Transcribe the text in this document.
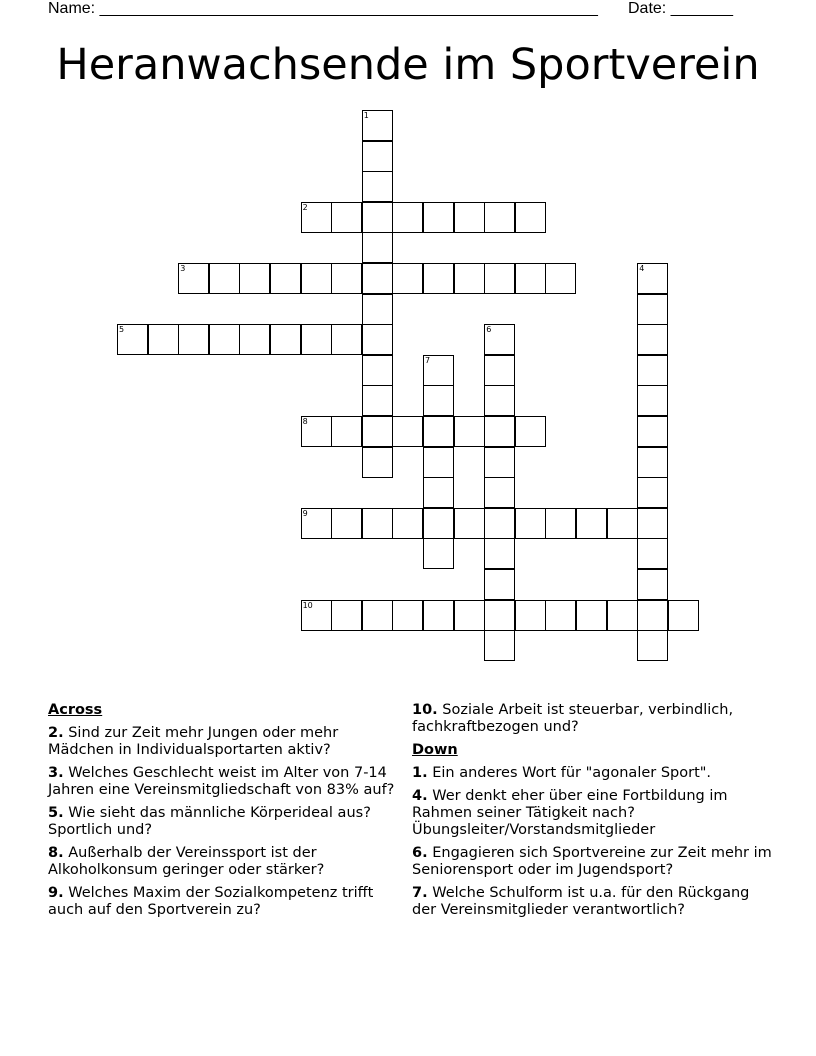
Name: ________________________________________________________ Date: _______
Heranwachsende im Sportverein
1
2
3	4
5	6
7
8
9
10
Across
2. Sind zur Zeit mehr Jungen oder mehr Mädchen in Individualsportarten aktiv?
3. Welches Geschlecht weist im Alter von 7-14 Jahren eine Vereinsmitgliedschaft von 83% auf?
5. Wie sieht das männliche Körperideal aus? Sportlich und?
8. Außerhalb der Vereinssport ist der Alkoholkonsum geringer oder stärker?
9. Welches Maxim der Sozialkompetenz trifft auch auf den Sportverein zu?
10. Soziale Arbeit ist steuerbar, verbindlich, fachkraftbezogen und?
Down
1. Ein anderes Wort für "agonaler Sport".
4. Wer denkt eher über eine Fortbildung im Rahmen seiner Tätigkeit nach? Übungsleiter/Vorstandsmitglieder
6. Engagieren sich Sportvereine zur Zeit mehr im Seniorensport oder im Jugendsport?
7. Welche Schulform ist u.a. für den Rückgang der Vereinsmitglieder verantwortlich?
